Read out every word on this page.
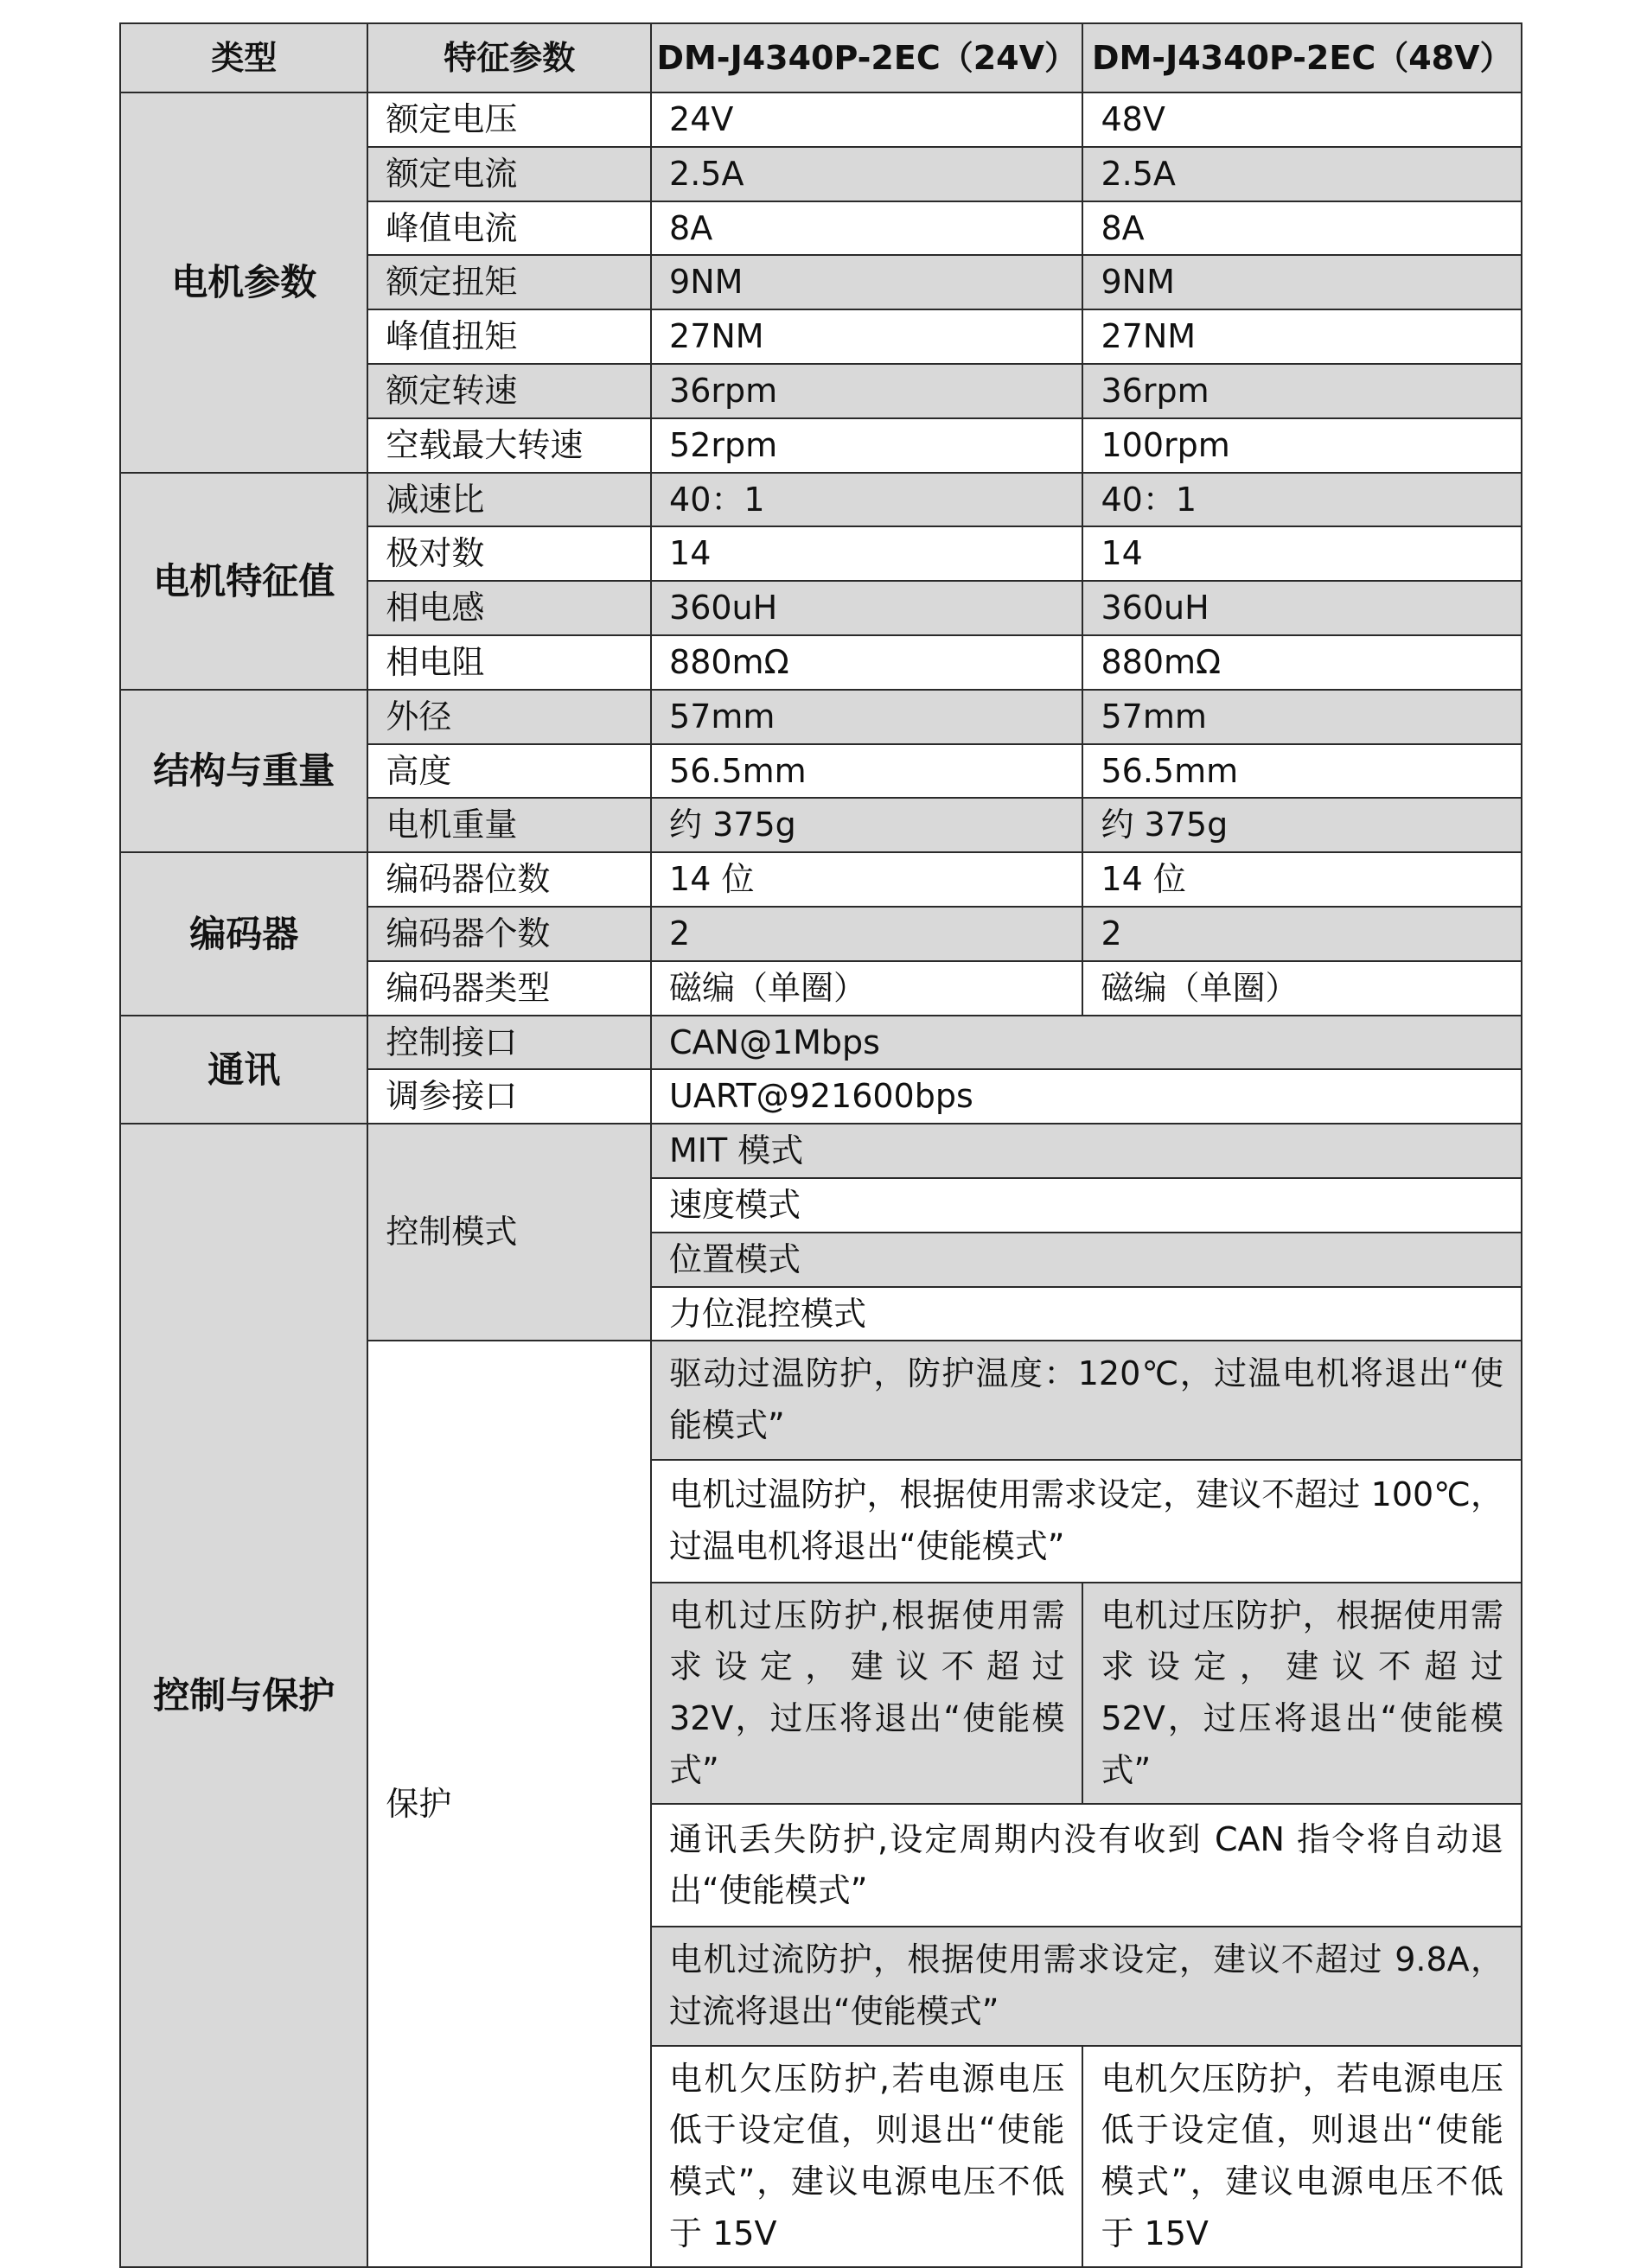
类型	特征参数	DM-J4340P-2EC（24V）	DM-J4340P-2EC（48V）
电机参数	额定电压	24V	48V
	额定电流	2.5A	2.5A
	峰值电流	8A	8A
	额定扭矩	9NM	9NM
	峰值扭矩	27NM	27NM
	额定转速	36rpm	36rpm
	空载最大转速	52rpm	100rpm
电机特征值	减速比	40：1	40：1
	极对数	14	14
	相电感	360uH	360uH
	相电阻	880mΩ	880mΩ
结构与重量	外径	57mm	57mm
	高度	56.5mm	56.5mm
	电机重量	约 375g	约 375g
编码器	编码器位数	14 位	14 位
	编码器个数	2	2
	编码器类型	磁编（单圈）	磁编（单圈）
通讯	控制接口	CAN@1Mbps	
	调参接口	UART@921600bps	
控制与保护	控制模式	MIT 模式	
		速度模式	
		位置模式	
		力位混控模式	
	保护	驱动过温防护，防护温度：120℃，过温电机将退出“使能模式”	
		电机过温防护，根据使用需求设定，建议不超过 100℃，过温电机将退出“使能模式”	
		电机过压防护,根据使用需求设定，建议不超过 32V，过压将退出“使能模式”	电机过压防护，根据使用需求设定，建议不超过 52V，过压将退出“使能模式”
		通讯丢失防护,设定周期内没有收到 CAN 指令将自动退出“使能模式”	
		电机过流防护，根据使用需求设定，建议不超过 9.8A，过流将退出“使能模式”	
		电机欠压防护,若电源电压低于设定值，则退出“使能模式”，建议电源电压不低于 15V	电机欠压防护，若电源电压低于设定值，则退出“使能模式”，建议电源电压不低于 15V
